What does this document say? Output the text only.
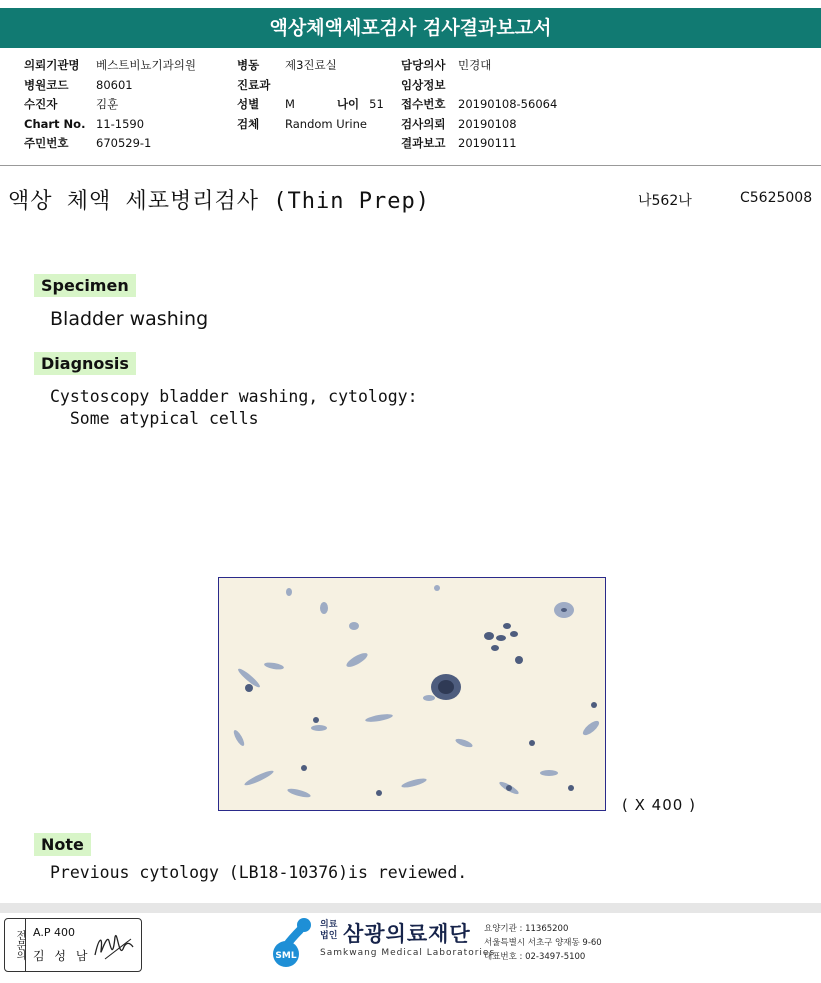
액상체액세포검사 검사결과보고서
의뢰기관명	베스트비뇨기과의원
병원코드	80601
수진자	김훈
Chart No. 11-1590
주민번호	670529-1
병동	제3진료실
진료과
성별	M	나이 51
검체	Random Urine
담당의사	민경대
임상정보
접수번호	20190108-56064
검사의뢰	20190108
결과보고	20190111
액상 체액 세포병리검사 (Thin Prep)	나562나	C5625008
Specimen
Bladder washing
Diagnosis
Cystoscopy bladder washing, cytology:
Some atypical cells
( X 400 )
Note
Previous cytology (LB18-10376)is reviewed.
전문의 A.P 400
김 성 남	SML
의료
법인 삼광의료재단
Samkwang Medical Laboratories
요양기관 : 11365200
서울특별시 서초구 양재동 9-60
대표번호 : 02-3497-5100
